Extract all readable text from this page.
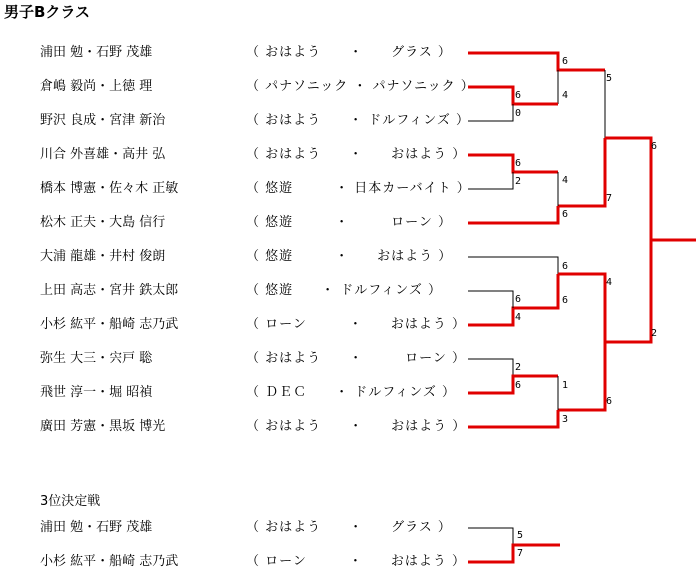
男子Bクラス
浦田 勉・石野 茂雄	（ おはよう　　・　　グラス ）
倉嶋 毅尚・上徳 理	（ パナソニック ・ パナソニック ）
野沢 良成・宮津 新治	（ おはよう　　・ ドルフィンズ ）
川合 外喜雄・高井 弘	（ おはよう　　・　　おはよう ）
橋本 博憲・佐々木 正敏	（ 悠遊　　　・ 日本カーバイト ）
松木 正夫・大島 信行	（ 悠遊　　　・　　　ローン ）
大浦 龍雄・井村 俊朗	（ 悠遊　　　・　　おはよう ）
上田 高志・宮井 鉄太郎	（ 悠遊　　・ ドルフィンズ ）
小杉 紘平・船崎 志乃武	（ ローン　　　・　　おはよう ）
弥生 大三・宍戸 聡	（ おはよう　　・　　　ローン ）
飛世 淳一・堀 昭禎	（ ＤＥＣ　　・ ドルフィンズ ）
廣田 芳憲・黒坂 博光	（ おはよう　　・　　おはよう ）
浦田 勉・石野 茂雄	（ おはよう　　・　　グラス ）
小杉 紘平・船崎 志乃武	（ ローン　　　・　　おはよう ）
6
4
6
0
5
6
2	4
6
7
6
2
4
6
6
4
6
2
6	1
3
6
5
7
3位決定戦
